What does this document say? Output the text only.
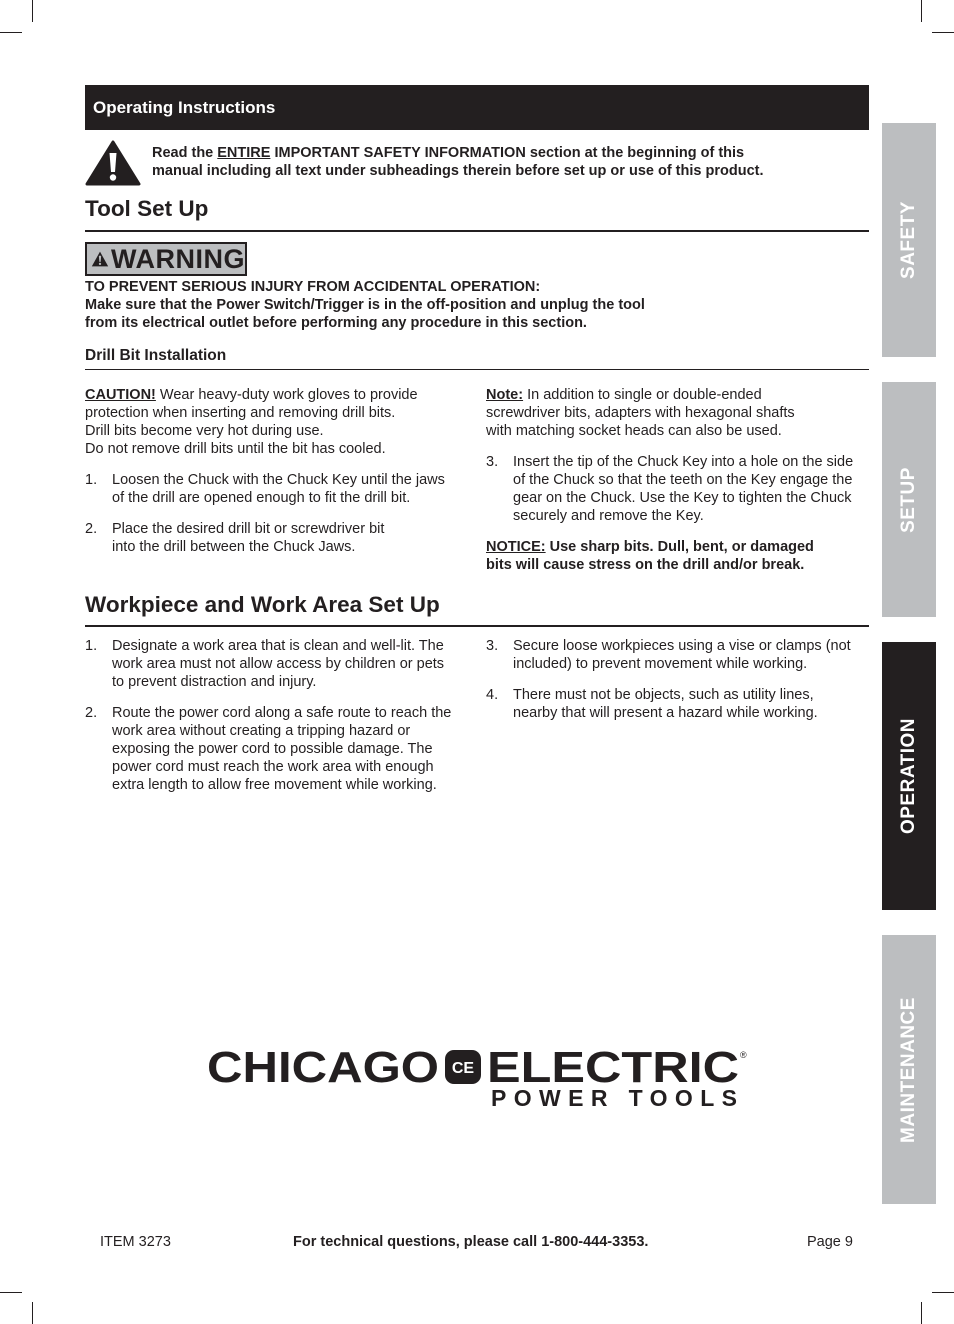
Operating Instructions
Read the ENTIRE IMPORTANT SAFETY INFORMATION section at the beginning of this
manual including all text under subheadings therein before set up or use of this product.
Tool Set Up
WARNING
TO PREVENT SERIOUS INJURY FROM ACCIDENTAL OPERATION:
Make sure that the Power Switch/Trigger is in the off-position and unplug the tool
from its electrical outlet before performing any procedure in this section.
Drill Bit Installation

CAUTION! Wear heavy-duty work gloves to provide
protection when inserting and removing drill bits.
Drill bits become very hot during use.
Do not remove drill bits until the bit has cooled.

1.	Loosen the Chuck with the Chuck Key until the jaws of the drill are opened enough to fit the drill bit.
2.	Place the desired drill bit or screwdriver bit
into the drill between the Chuck Jaws.

Note: In addition to single or double-ended
screwdriver bits, adapters with hexagonal shafts
with matching socket heads can also be used.

3.	Insert the tip of the Chuck Key into a hole on the side of the Chuck so that the teeth on the Key engage the gear on the Chuck. Use the Key to tighten the Chuck securely and remove the Key.

NOTICE: Use sharp bits. Dull, bent, or damaged
bits will cause stress on the drill and/or break.

Workpiece and Work Area Set Up
1.	Designate a work area that is clean and well-lit. The work area must not allow access by children or pets to prevent distraction and injury.
2.	Route the power cord along a safe route to reach the work area without creating a tripping hazard or exposing the power cord to possible damage. The power cord must reach the work area with enough extra length to allow free movement while working.
3.	Secure loose workpieces using a vise or clamps (not included) to prevent movement while working.
4.	There must not be objects, such as utility lines, nearby that will present a hazard while working.
SAFETY
SETUP
OPERATION
MAINTENANCE
CHICAGO CE ELECTRIC ®
POWER TOOLS
ITEM 3273	For technical questions, please call 1-800-444-3353.	Page 9
